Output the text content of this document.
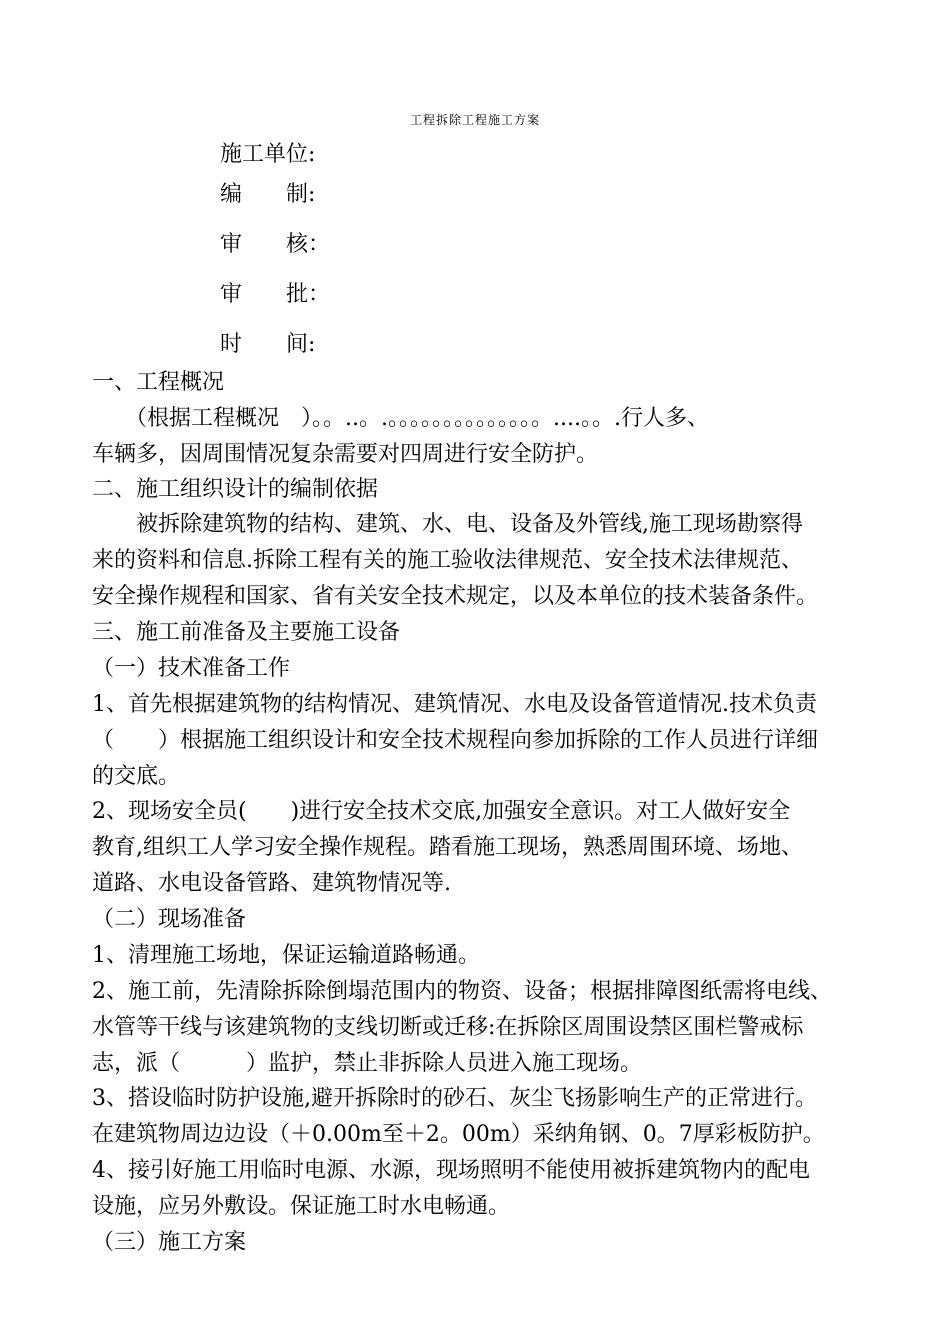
工程拆除工程施工方案
施工单位:
编　　制:
审　　核：
审　　批：
时　　间:
一、工程概况
　　（根据工程概况　）。。..。.。。。。。。。。。。。。。。....。。.行人多、
车辆多，因周围情况复杂需要对四周进行安全防护。
二、施工组织设计的编制依据
　　被拆除建筑物的结构、建筑、水、电、设备及外管线,施工现场勘察得
来的资料和信息.拆除工程有关的施工验收法律规范、安全技术法律规范、
安全操作规程和国家、省有关安全技术规定，以及本单位的技术装备条件。
三、施工前准备及主要施工设备
（一）技术准备工作
1、首先根据建筑物的结构情况、建筑情况、水电及设备管道情况.技术负责
（　　）根据施工组织设计和安全技术规程向参加拆除的工作人员进行详细
的交底。
2、现场安全员(　　)进行安全技术交底,加强安全意识。对工人做好安全
教育,组织工人学习安全操作规程。踏看施工现场，熟悉周围环境、场地、
道路、水电设备管路、建筑物情况等.
（二）现场准备
1、清理施工场地，保证运输道路畅通。
2、施工前，先清除拆除倒塌范围内的物资、设备；根据排障图纸需将电线、
水管等干线与该建筑物的支线切断或迁移:在拆除区周围设禁区围栏警戒标
志，派（　　　）监护，禁止非拆除人员进入施工现场。
3、搭设临时防护设施,避开拆除时的砂石、灰尘飞扬影响生产的正常进行。
在建筑物周边边设（＋0.00m至＋2。00m）采纳角钢、0。7厚彩板防护。
4、接引好施工用临时电源、水源，现场照明不能使用被拆建筑物内的配电
设施，应另外敷设。保证施工时水电畅通。
（三）施工方案
